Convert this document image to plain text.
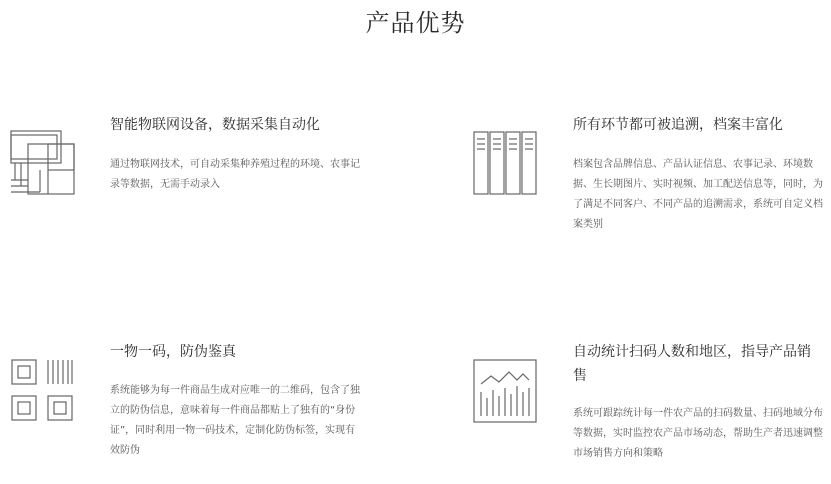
产品优势
智能物联网设备，数据采集自动化
通过物联网技术，可自动采集种养殖过程的环境、农事记录等数据，无需手动录入
所有环节都可被追溯，档案丰富化
档案包含品牌信息、产品认证信息、农事记录、环境数据、生长期图片、实时视频、加工配送信息等，同时，为了满足不同客户、不同产品的追溯需求，系统可自定义档案类别
一物一码，防伪鉴真
系统能够为每一件商品生成对应唯一的二维码，包含了独立的防伪信息，意味着每一件商品都贴上了独有的“身份证”，同时利用一物一码技术，定制化防伪标签，实现有效防伪
自动统计扫码人数和地区，指导产品销售
系统可跟踪统计每一件农产品的扫码数量、扫码地域分布等数据，实时监控农产品市场动态，帮助生产者迅速调整市场销售方向和策略
